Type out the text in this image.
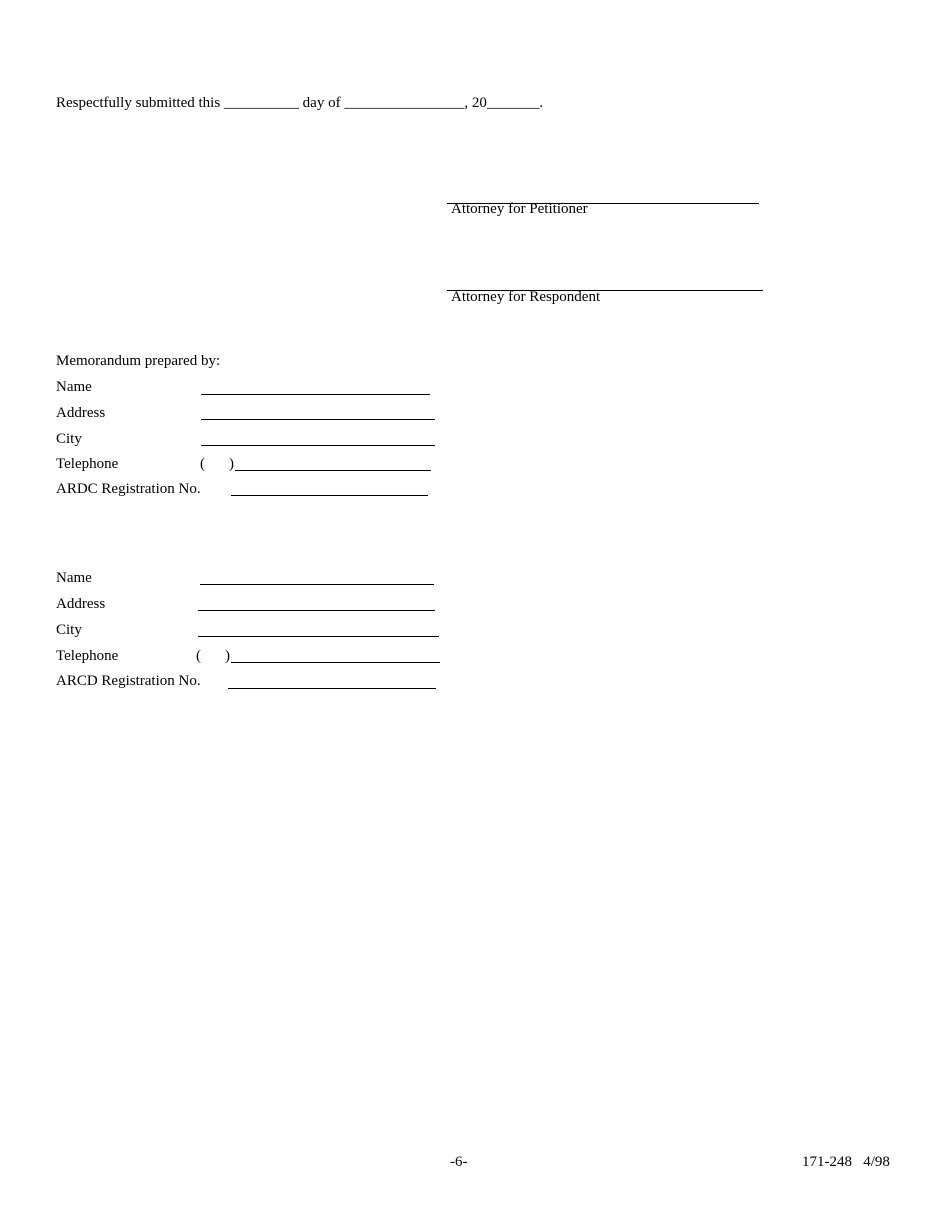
Respectfully submitted this __________ day of ________________, 20_______.
Attorney for Petitioner
Attorney for Respondent
Memorandum prepared by:
Name
Address
City
Telephone	( )
ARDC Registration No.
Name
Address
City
Telephone	( )
ARCD Registration No.
-6-	171-248   4/98
